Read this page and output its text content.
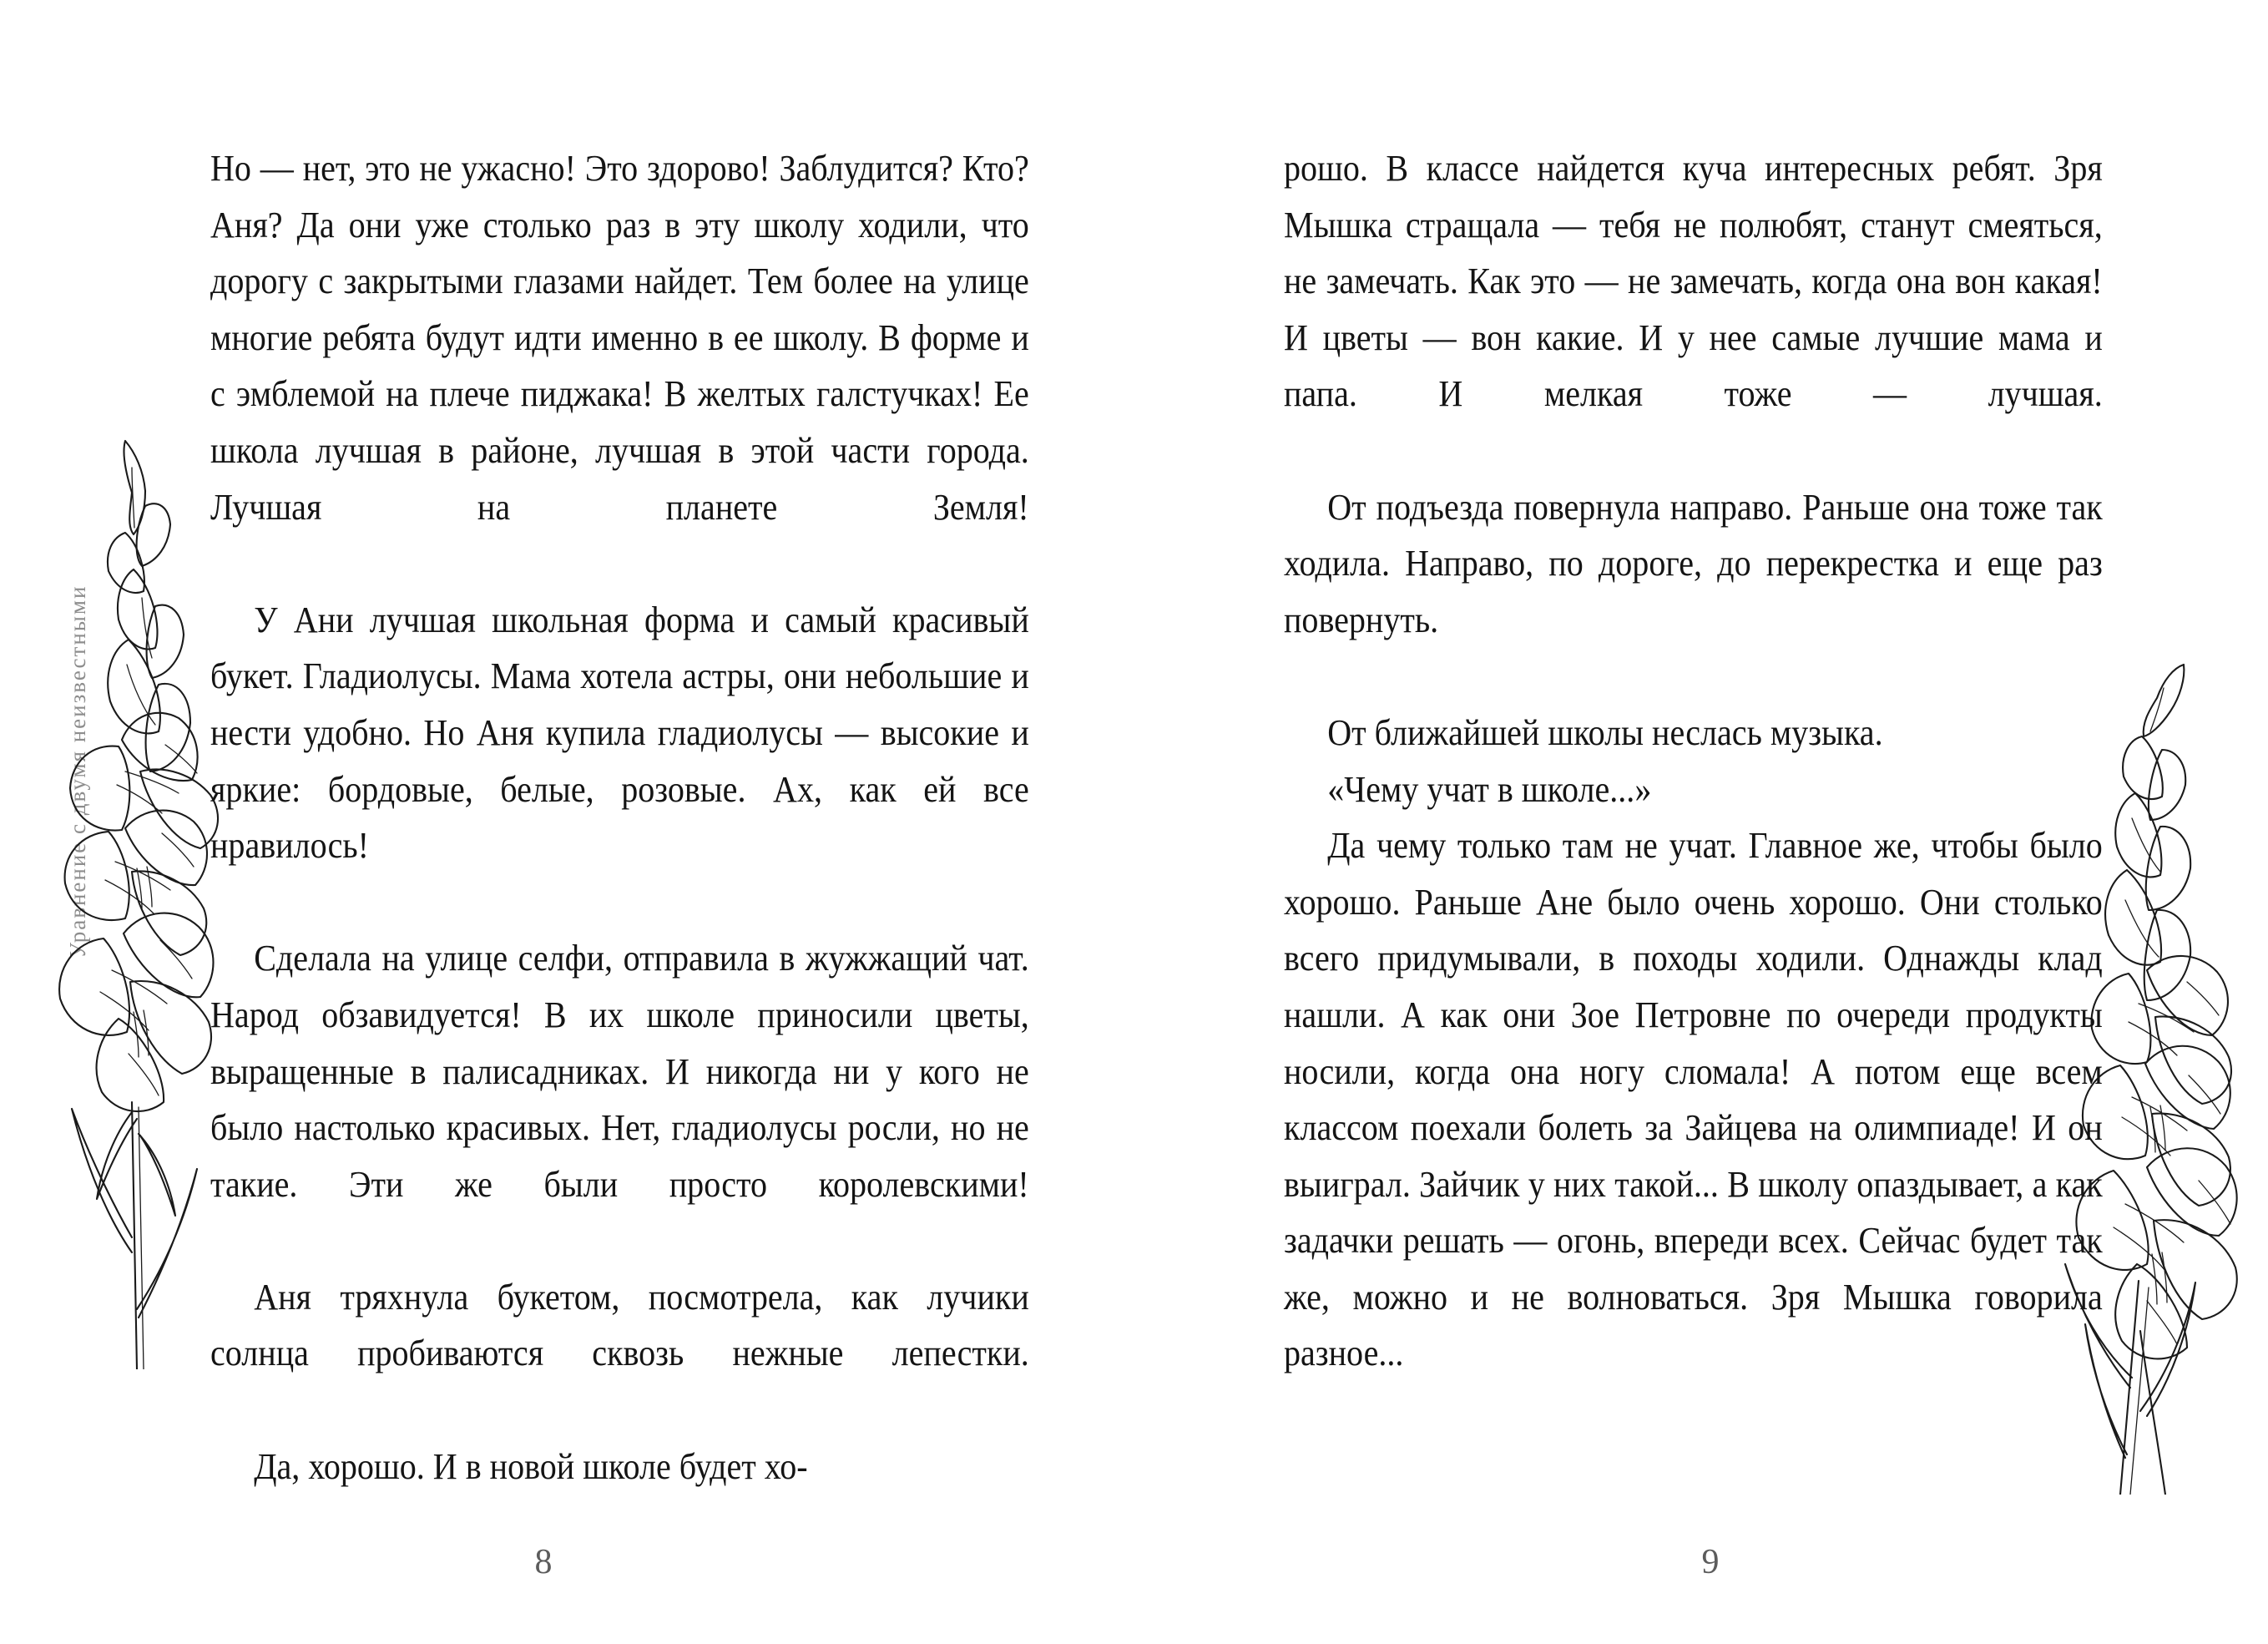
Уравнение с двумя неизвестными

Но — нет, это не ужасно! Это здорово! Заблудится? Кто? Аня? Да они уже столько раз в эту школу ходили, что дорогу с закрытыми глазами найдет. Тем более на улице многие ребята будут идти именно в ее школу. В форме и с эмблемой на плече пиджака! В желтых галстучках! Ее школа лучшая в районе, лучшая в этой части города. Лучшая на планете Земля!

У Ани лучшая школьная форма и самый красивый букет. Гладиолусы. Мама хотела астры, они небольшие и нести удобно. Но Аня купила гладиолусы — высокие и яркие: бордовые, белые, розовые. Ах, как ей все нравилось!

Сделала на улице селфи, отправила в жужжащий чат. Народ обзавидуется! В их школе приносили цветы, выращенные в палисадниках. И никогда ни у кого не было настолько красивых. Нет, гладиолусы росли, но не такие. Эти же были просто королевскими!

Аня тряхнула букетом, посмотрела, как лучики солнца пробиваются сквозь нежные лепестки.

Да, хорошо. И в новой школе будет хо-

8

рошо. В классе найдется куча интересных ребят. Зря Мышка стращала — тебя не полюбят, станут смеяться, не замечать. Как это — не замечать, когда она вон какая! И цветы — вон какие. И у нее самые лучшие мама и папа. И мелкая тоже — лучшая.

От подъезда повернула направо. Раньше она тоже так ходила. Направо, по дороге, до перекрестка и еще раз повернуть.

От ближайшей школы неслась музыка.

«Чему учат в школе...»

Да чему только там не учат. Главное же, чтобы было хорошо. Раньше Ане было очень хорошо. Они столько всего придумывали, в походы ходили. Однажды клад нашли. А как они Зое Петровне по очереди продукты носили, когда она ногу сломала! А потом еще всем классом поехали болеть за Зайцева на олимпиаде! И он выиграл. Зайчик у них такой... В школу опаздывает, а как задачки решать — огонь, впереди всех. Сейчас будет так же, можно и не волноваться. Зря Мышка говорила разное...

9
